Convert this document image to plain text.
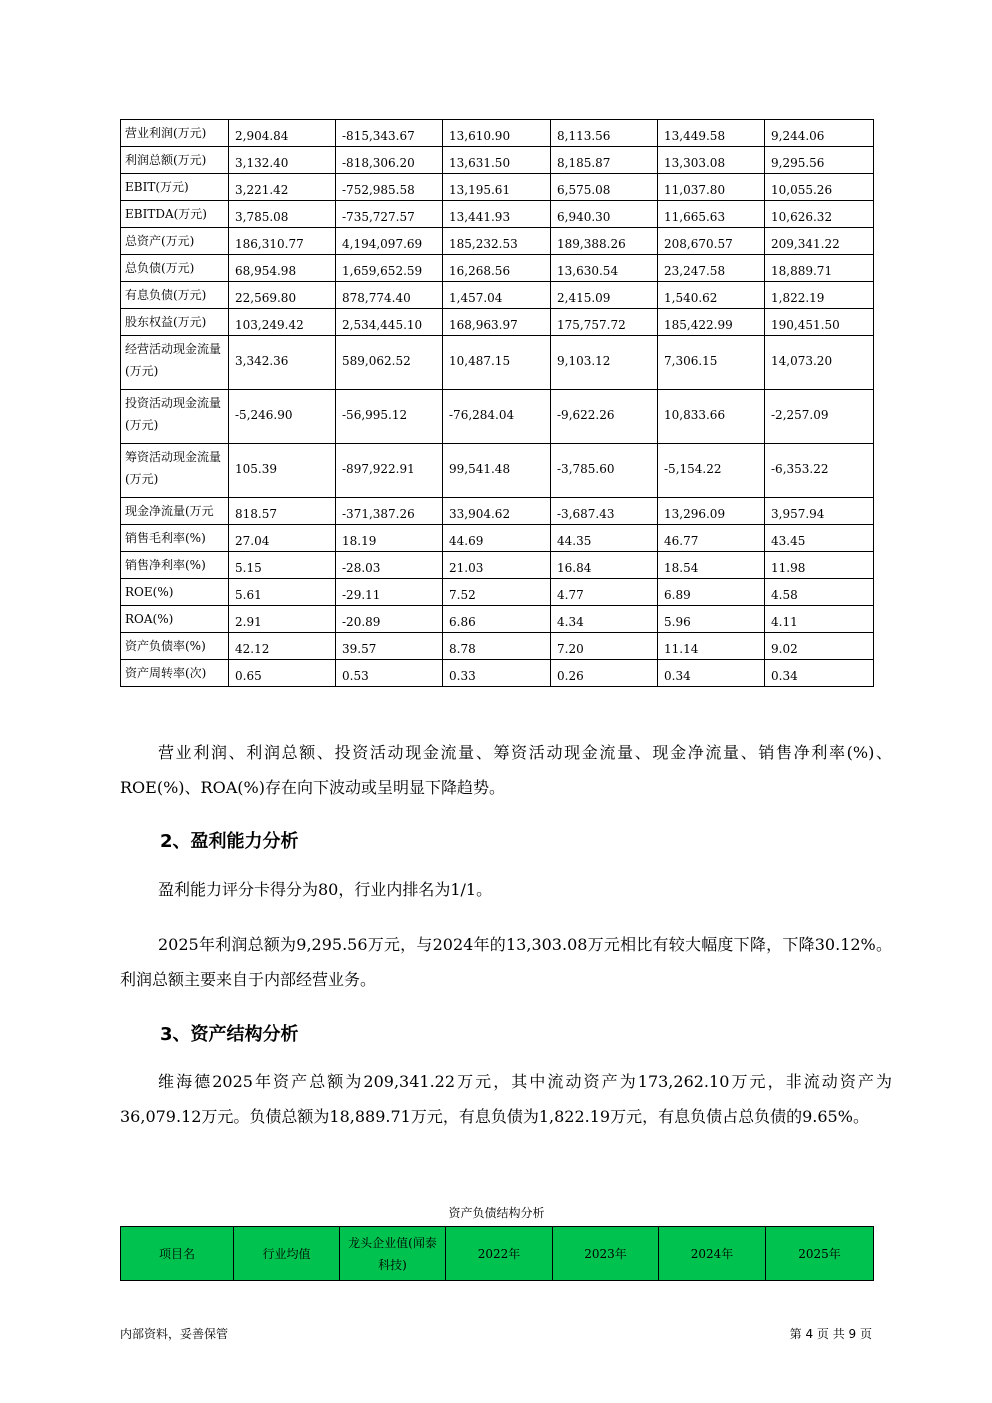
营业利润(万元)	2,904.84	-815,343.67	13,610.90	8,113.56	13,449.58	9,244.06
利润总额(万元)	3,132.40	-818,306.20	13,631.50	8,185.87	13,303.08	9,295.56
EBIT(万元)	3,221.42	-752,985.58	13,195.61	6,575.08	11,037.80	10,055.26
EBITDA(万元)	3,785.08	-735,727.57	13,441.93	6,940.30	11,665.63	10,626.32
总资产(万元)	186,310.77	4,194,097.69	185,232.53	189,388.26	208,670.57	209,341.22
总负债(万元)	68,954.98	1,659,652.59	16,268.56	13,630.54	23,247.58	18,889.71
有息负债(万元)	22,569.80	878,774.40	1,457.04	2,415.09	1,540.62	1,822.19
股东权益(万元)	103,249.42	2,534,445.10	168,963.97	175,757.72	185,422.99	190,451.50
经营活动现金流量(万元)	3,342.36	589,062.52	10,487.15	9,103.12	7,306.15	14,073.20
投资活动现金流量(万元)	-5,246.90	-56,995.12	-76,284.04	-9,622.26	10,833.66	-2,257.09
筹资活动现金流量(万元)	105.39	-897,922.91	99,541.48	-3,785.60	-5,154.22	-6,353.22
现金净流量(万元	818.57	-371,387.26	33,904.62	-3,687.43	13,296.09	3,957.94
销售毛利率(%)	27.04	18.19	44.69	44.35	46.77	43.45
销售净利率(%)	5.15	-28.03	21.03	16.84	18.54	11.98
ROE(%)	5.61	-29.11	7.52	4.77	6.89	4.58
ROA(%)	2.91	-20.89	6.86	4.34	5.96	4.11
资产负债率(%)	42.12	39.57	8.78	7.20	11.14	9.02
资产周转率(次)	0.65	0.53	0.33	0.26	0.34	0.34

营业利润、利润总额、投资活动现金流量、筹资活动现金流量、现金净流量、销售净利率(%)、ROE(%)、ROA(%)存在向下波动或呈明显下降趋势。

2、盈利能力分析

盈利能力评分卡得分为80，行业内排名为1/1。

2025年利润总额为9,295.56万元，与2024年的13,303.08万元相比有较大幅度下降，下降30.12%。利润总额主要来自于内部经营业务。

3、资产结构分析

维海德2025年资产总额为209,341.22万元，其中流动资产为173,262.10万元，非流动资产为36,079.12万元。负债总额为18,889.71万元，有息负债为1,822.19万元，有息负债占总负债的9.65%。

资产负债结构分析
项目名	行业均值	龙头企业值(闻泰科技)	2022年	2023年	2024年	2025年
内部资料，妥善保管	第 4 页 共 9 页
